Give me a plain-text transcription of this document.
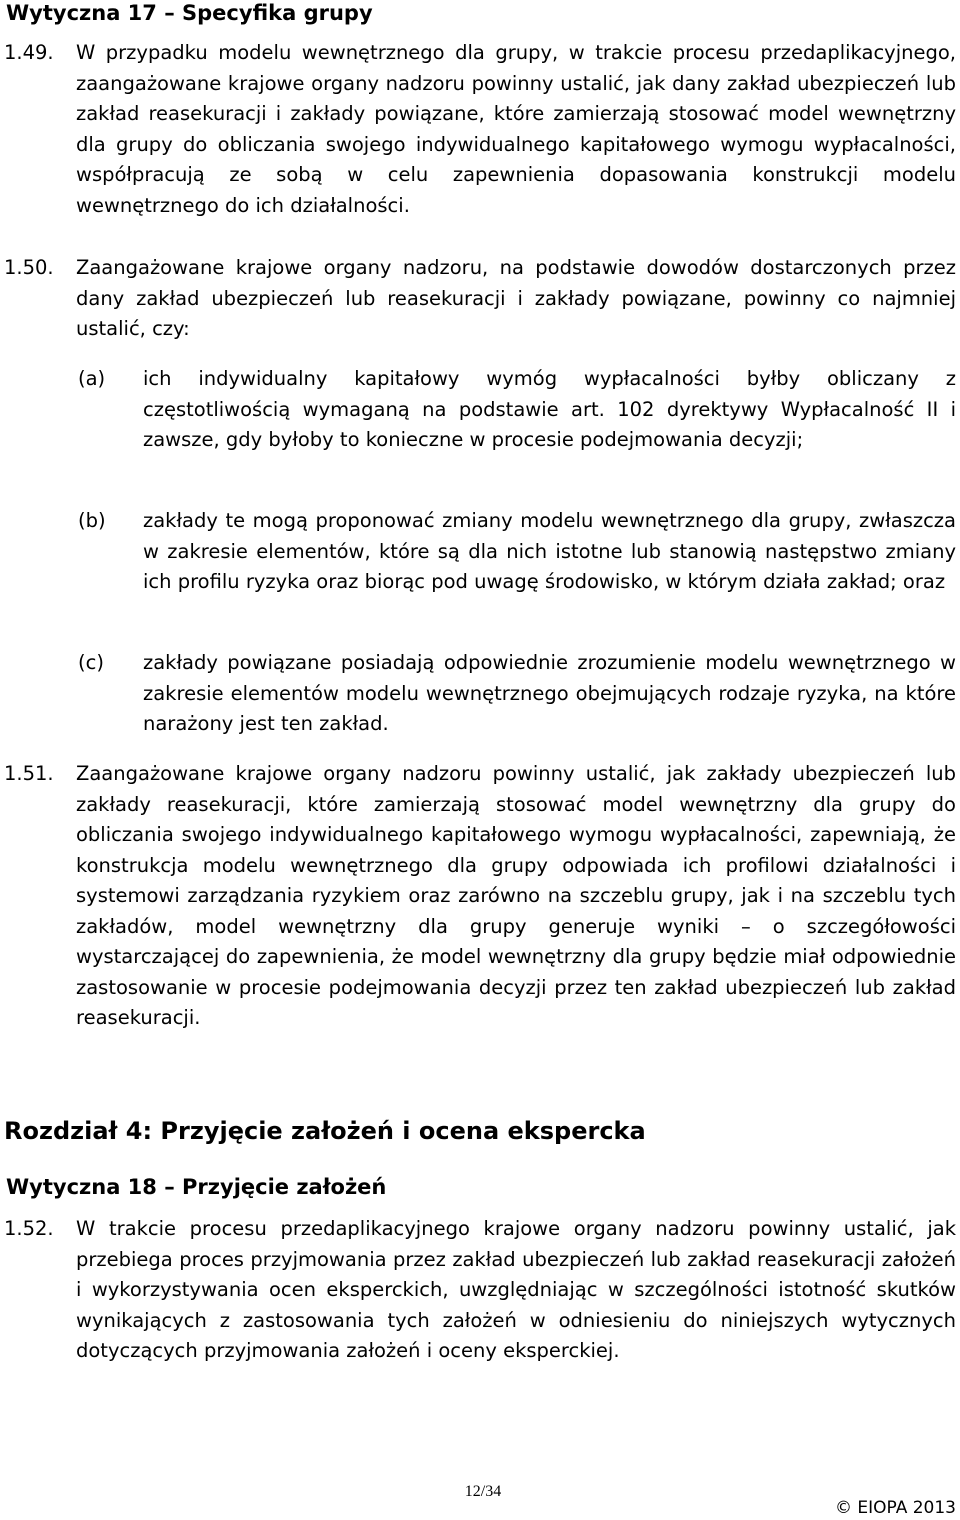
Wytyczna 17 – Specyfika grupy
1.49. W przypadku modelu wewnętrznego dla grupy, w trakcie procesu przedaplikacyjnego, zaangażowane krajowe organy nadzoru powinny ustalić, jak dany zakład ubezpieczeń lub zakład reasekuracji i zakłady powiązane, które zamierzają stosować model wewnętrzny dla grupy do obliczania swojego indywidualnego kapitałowego wymogu wypłacalności, współpracują ze sobą w celu zapewnienia dopasowania konstrukcji modelu wewnętrznego do ich działalności.
1.50. Zaangażowane krajowe organy nadzoru, na podstawie dowodów dostarczonych przez dany zakład ubezpieczeń lub reasekuracji i zakłady powiązane, powinny co najmniej ustalić, czy:
(a) ich indywidualny kapitałowy wymóg wypłacalności byłby obliczany z częstotliwością wymaganą na podstawie art. 102 dyrektywy Wypłacalność II i zawsze, gdy byłoby to konieczne w procesie podejmowania decyzji;
(b) zakłady te mogą proponować zmiany modelu wewnętrznego dla grupy, zwłaszcza w zakresie elementów, które są dla nich istotne lub stanowią następstwo zmiany ich profilu ryzyka oraz biorąc pod uwagę środowisko, w którym działa zakład; oraz
(c) zakłady powiązane posiadają odpowiednie zrozumienie modelu wewnętrznego w zakresie elementów modelu wewnętrznego obejmujących rodzaje ryzyka, na które narażony jest ten zakład.
1.51. Zaangażowane krajowe organy nadzoru powinny ustalić, jak zakłady ubezpieczeń lub zakłady reasekuracji, które zamierzają stosować model wewnętrzny dla grupy do obliczania swojego indywidualnego kapitałowego wymogu wypłacalności, zapewniają, że konstrukcja modelu wewnętrznego dla grupy odpowiada ich profilowi działalności i systemowi zarządzania ryzykiem oraz zarówno na szczeblu grupy, jak i na szczeblu tych zakładów, model wewnętrzny dla grupy generuje wyniki – o szczegółowości wystarczającej do zapewnienia, że model wewnętrzny dla grupy będzie miał odpowiednie zastosowanie w procesie podejmowania decyzji przez ten zakład ubezpieczeń lub zakład reasekuracji.
Rozdział 4: Przyjęcie założeń i ocena ekspercka
Wytyczna 18 – Przyjęcie założeń
1.52. W trakcie procesu przedaplikacyjnego krajowe organy nadzoru powinny ustalić, jak przebiega proces przyjmowania przez zakład ubezpieczeń lub zakład reasekuracji założeń i wykorzystywania ocen eksperckich, uwzględniając w szczególności istotność skutków wynikających z zastosowania tych założeń w odniesieniu do niniejszych wytycznych dotyczących przyjmowania założeń i oceny eksperckiej.
12/34
© EIOPA 2013
